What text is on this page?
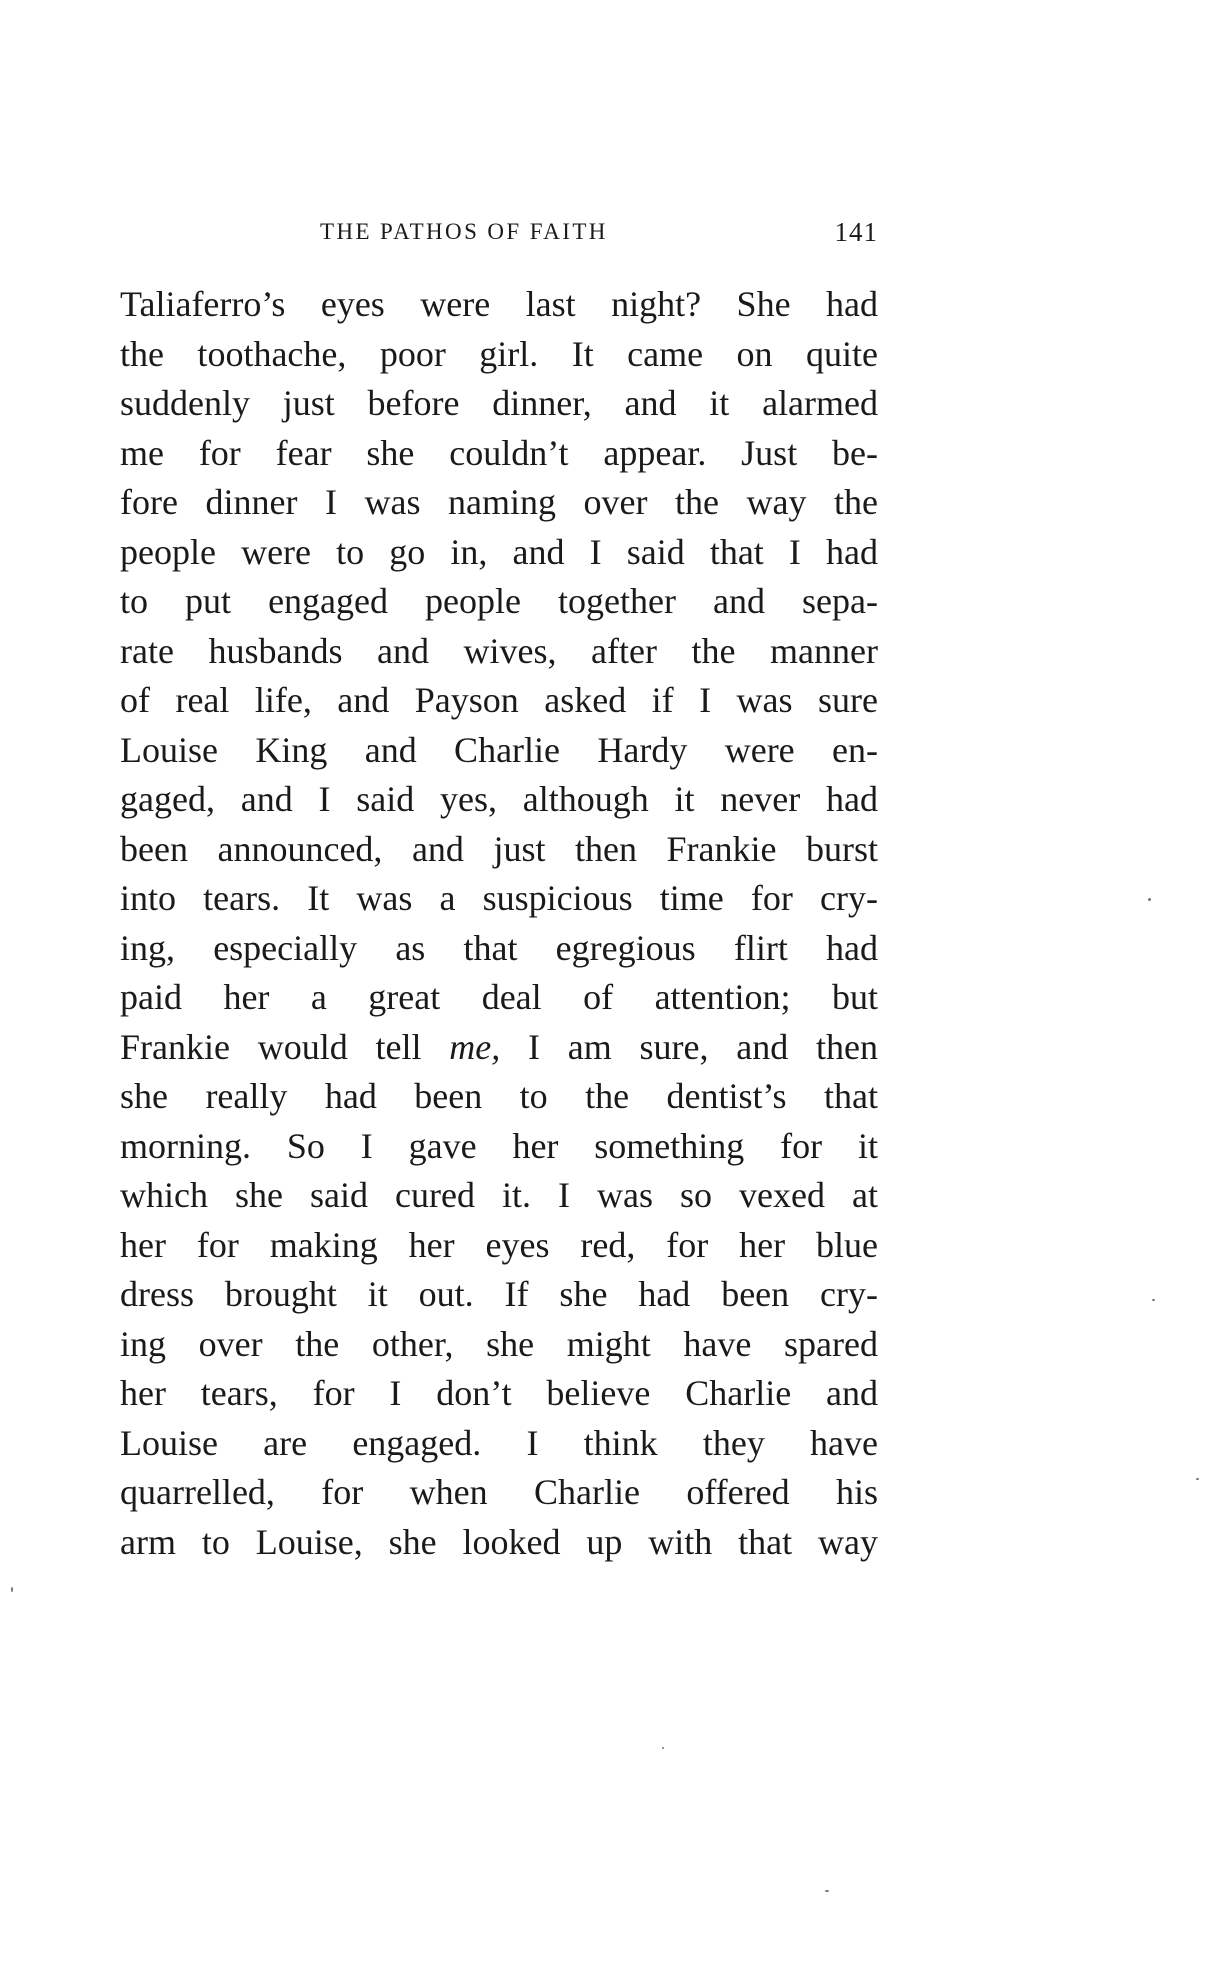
THE PATHOS OF FAITH	141
Taliaferro’s eyes were last night? She had
the toothache, poor girl. It came on quite
suddenly just before dinner, and it alarmed
me for fear she couldn’t appear. Just be-
fore dinner I was naming over the way the
people were to go in, and I said that I had
to put engaged people together and sepa-
rate husbands and wives, after the manner
of real life, and Payson asked if I was sure
Louise King and Charlie Hardy were en-
gaged, and I said yes, although it never had
been announced, and just then Frankie burst
into tears. It was a suspicious time for cry-
ing, especially as that egregious flirt had
paid her a great deal of attention; but
Frankie would tell me, I am sure, and then
she really had been to the dentist’s that
morning. So I gave her something for it
which she said cured it. I was so vexed at
her for making her eyes red, for her blue
dress brought it out. If she had been cry-
ing over the other, she might have spared
her tears, for I don’t believe Charlie and
Louise are engaged. I think they have
quarrelled, for when Charlie offered his
arm to Louise, she looked up with that way
